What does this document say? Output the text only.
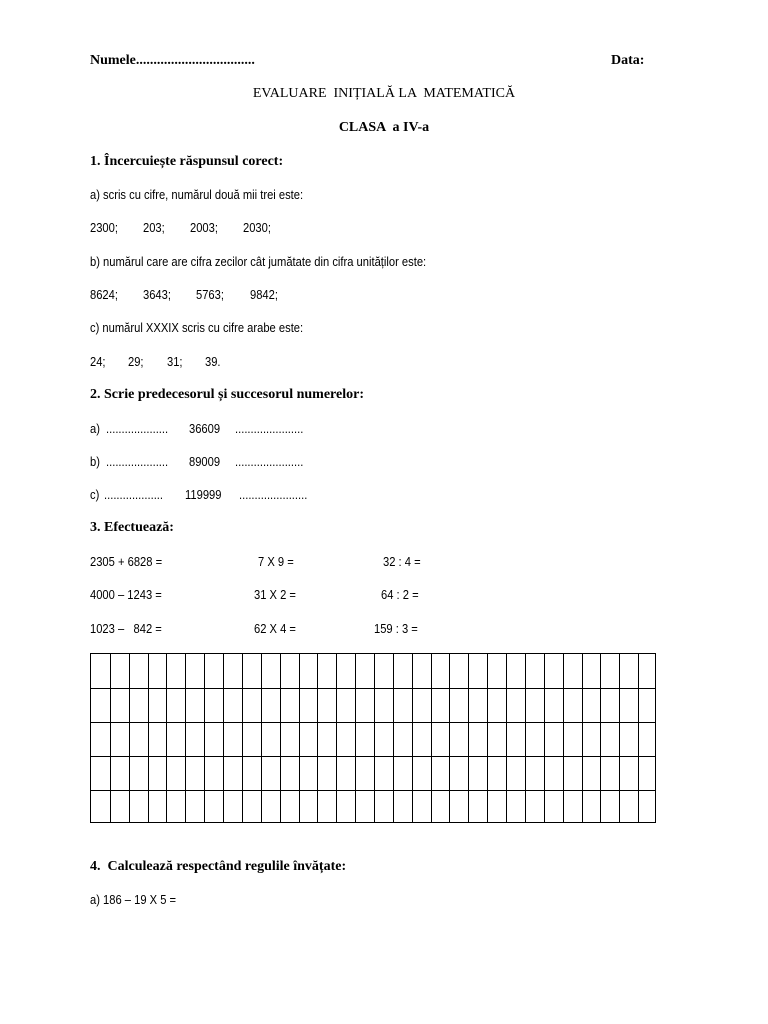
Numele..................................	Data:
EVALUARE  INIȚIALĂ LA  MATEMATICĂ
CLASA  a IV-a
1. Încercuiește răspunsul corect:
a) scris cu cifre, numărul două mii trei este:
2300; 203; 2003; 2030;
b) numărul care are cifra zecilor cât jumătate din cifra unităților este:
8624; 3643; 5763; 9842;
c) numărul XXXIX scris cu cifre arabe este:
24; 29; 31; 39.
2. Scrie predecesorul și succesorul numerelor:
a) .................... 36609 ......................
b) .................... 89009 ......................
c) ................... 119999 ......................
3. Efectuează:
2305 + 6828 =	7 X 9 =	32 : 4 =
4000 – 1243 =	31 X 2 =	64 : 2 =
1023 –   842 =	62 X 4 =	159 : 3 =
4.  Calculează respectând regulile învățate:
a) 186 – 19 X 5 =
